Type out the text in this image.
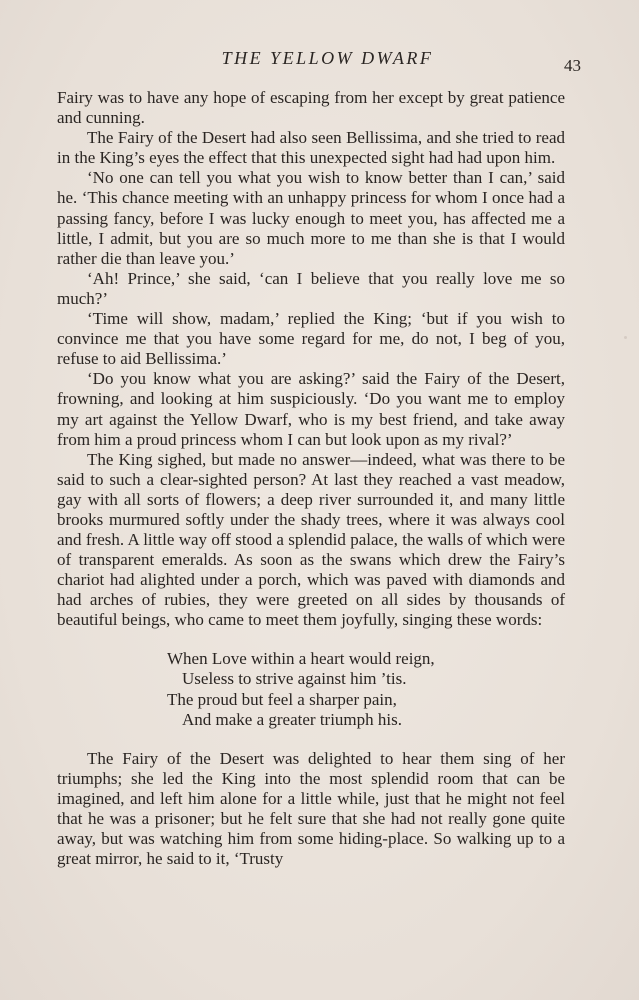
THE YELLOW DWARF	43

Fairy was to have any hope of escaping from her except by great patience and cunning.

The Fairy of the Desert had also seen Bellissima, and she tried to read in the King’s eyes the effect that this unexpected sight had had upon him.

‘No one can tell you what you wish to know better than I can,’ said he. ‘This chance meeting with an unhappy princess for whom I once had a passing fancy, before I was lucky enough to meet you, has affected me a little, I admit, but you are so much more to me than she is that I would rather die than leave you.’

‘Ah! Prince,’ she said, ‘can I believe that you really love me so much?’

‘Time will show, madam,’ replied the King; ‘but if you wish to convince me that you have some regard for me, do not, I beg of you, refuse to aid Bellissima.’

‘Do you know what you are asking?’ said the Fairy of the Desert, frowning, and looking at him suspiciously. ‘Do you want me to employ my art against the Yellow Dwarf, who is my best friend, and take away from him a proud princess whom I can but look upon as my rival?’

The King sighed, but made no answer—indeed, what was there to be said to such a clear-sighted person? At last they reached a vast meadow, gay with all sorts of flowers; a deep river surrounded it, and many little brooks murmured softly under the shady trees, where it was always cool and fresh. A little way off stood a splendid palace, the walls of which were of transparent emeralds. As soon as the swans which drew the Fairy’s chariot had alighted under a porch, which was paved with diamonds and had arches of rubies, they were greeted on all sides by thousands of beautiful beings, who came to meet them joyfully, singing these words:

When Love within a heart would reign,
Useless to strive against him ’tis.
The proud but feel a sharper pain,
And make a greater triumph his.

The Fairy of the Desert was delighted to hear them sing of her triumphs; she led the King into the most splendid room that can be imagined, and left him alone for a little while, just that he might not feel that he was a prisoner; but he felt sure that she had not really gone quite away, but was watching him from some hiding-place. So walking up to a great mirror, he said to it, ‘Trusty
